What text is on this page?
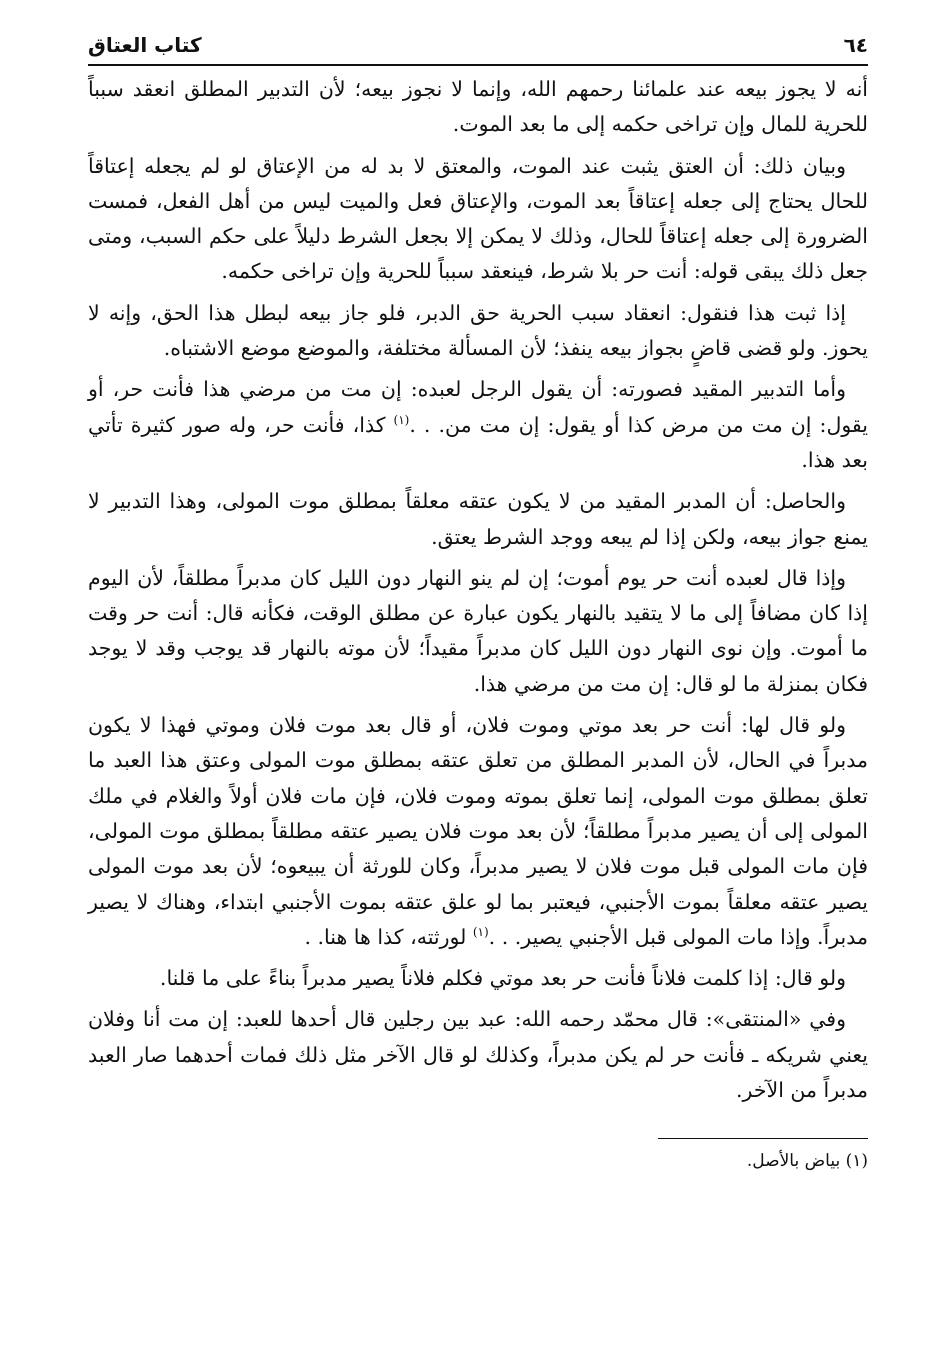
٦٤
كتاب العتاق

أنه لا يجوز بيعه عند علمائنا رحمهم الله، وإنما لا نجوز بيعه؛ لأن التدبير المطلق انعقد سبباً للحرية للمال وإن تراخى حكمه إلى ما بعد الموت.

وبيان ذلك: أن العتق يثبت عند الموت، والمعتق لا بد له من الإعتاق لو لم يجعله إعتاقاً للحال يحتاج إلى جعله إعتاقاً بعد الموت، والإعتاق فعل والميت ليس من أهل الفعل، فمست الضرورة إلى جعله إعتاقاً للحال، وذلك لا يمكن إلا بجعل الشرط دليلاً على حكم السبب، ومتى جعل ذلك يبقى قوله: أنت حر بلا شرط، فينعقد سبباً للحرية وإن تراخى حكمه.

إذا ثبت هذا فنقول: انعقاد سبب الحرية حق الدبر، فلو جاز بيعه لبطل هذا الحق، وإنه لا يحوز. ولو قضى قاضٍ بجواز بيعه ينفذ؛ لأن المسألة مختلفة، والموضع موضع الاشتباه.

وأما التدبير المقيد فصورته: أن يقول الرجل لعبده: إن مت من مرضي هذا فأنت حر، أو يقول: إن مت من مرض كذا أو يقول: إن مت من. . .$^{(١)}$ كذا، فأنت حر، وله صور كثيرة تأتي بعد هذا.

والحاصل: أن المدبر المقيد من لا يكون عتقه معلقاً بمطلق موت المولى، وهذا التدبير لا يمنع جواز بيعه، ولكن إذا لم يبعه ووجد الشرط يعتق.

وإذا قال لعبده أنت حر يوم أموت؛ إن لم ينو النهار دون الليل كان مدبراً مطلقاً، لأن اليوم إذا كان مضافاً إلى ما لا يتقيد بالنهار يكون عبارة عن مطلق الوقت، فكأنه قال: أنت حر وقت ما أموت. وإن نوى النهار دون الليل كان مدبراً مقيداً؛ لأن موته بالنهار قد يوجب وقد لا يوجد فكان بمنزلة ما لو قال: إن مت من مرضي هذا.

ولو قال لها: أنت حر بعد موتي وموت فلان، أو قال بعد موت فلان وموتي فهذا لا يكون مدبراً في الحال، لأن المدبر المطلق من تعلق عتقه بمطلق موت المولى وعتق هذا العبد ما تعلق بمطلق موت المولى، إنما تعلق بموته وموت فلان، فإن مات فلان أولاً والغلام في ملك المولى إلى أن يصير مدبراً مطلقاً؛ لأن بعد موت فلان يصير عتقه مطلقاً بمطلق موت المولى، فإن مات المولى قبل موت فلان لا يصير مدبراً، وكان للورثة أن يبيعوه؛ لأن بعد موت المولى يصير عتقه معلقاً بموت الأجنبي، فيعتبر بما لو علق عتقه بموت الأجنبي ابتداء، وهناك لا يصير مدبراً. وإذا مات المولى قبل الأجنبي يصير. . .$^{(١)}$ لورثته، كذا ها هنا. .

ولو قال: إذا كلمت فلاناً فأنت حر بعد موتي فكلم فلاناً يصير مدبراً بناءً على ما قلنا.

وفي «المنتقى»: قال محمّد رحمه الله: عبد بين رجلين قال أحدها للعبد: إن مت أنا وفلان يعني شريكه ـ فأنت حر لم يكن مدبراً، وكذلك لو قال الآخر مثل ذلك فمات أحدهما صار العبد مدبراً من الآخر.

(١) بياض بالأصل.
